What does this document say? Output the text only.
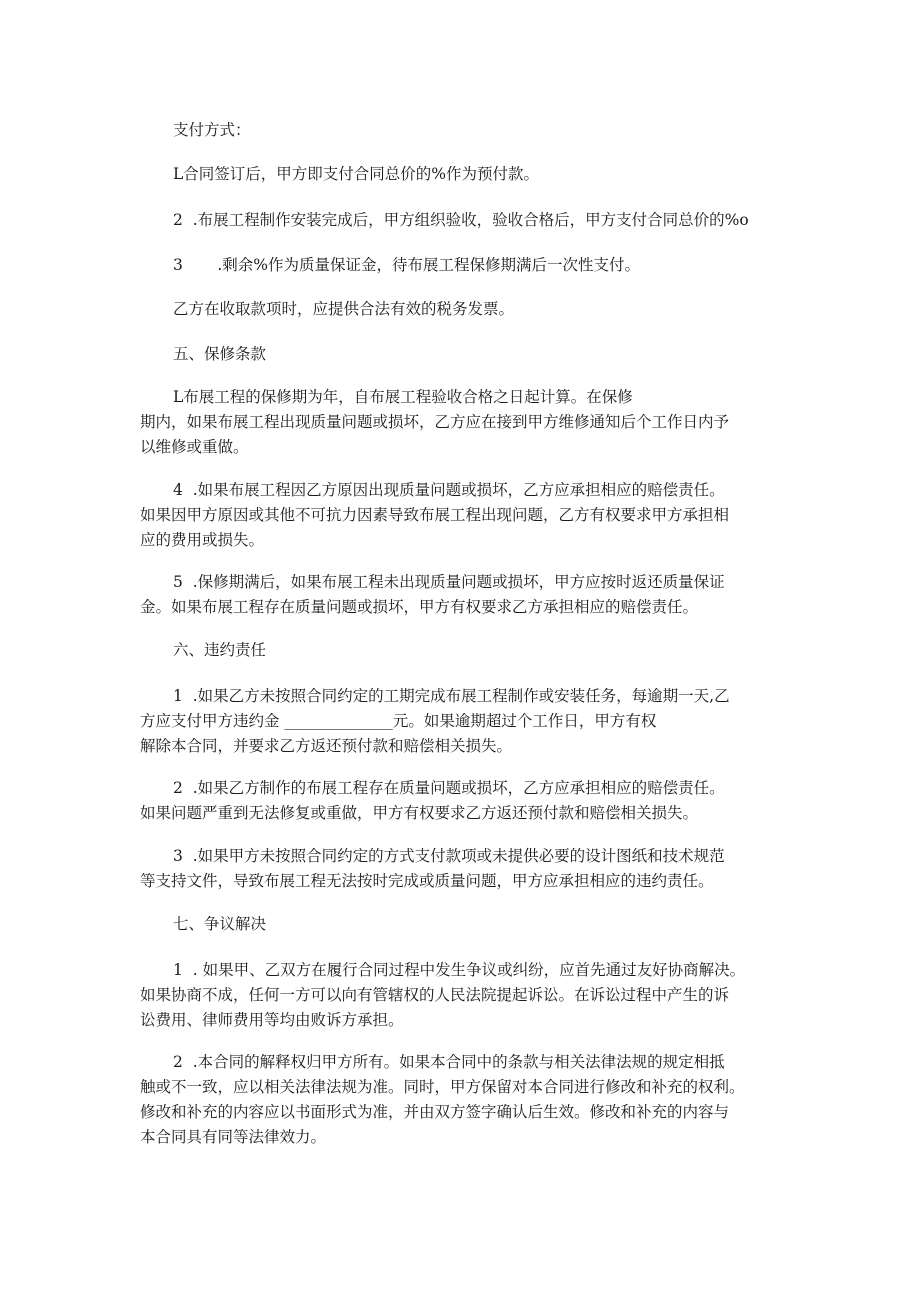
支付方式：

L合同签订后，甲方即支付合同总价的%作为预付款。

2  .布展工程制作安装完成后，甲方组织验收，验收合格后，甲方支付合同总价的%o

3       .剩余%作为质量保证金，待布展工程保修期满后一次性支付。

乙方在收取款项时，应提供合法有效的税务发票。

五、保修条款

L布展工程的保修期为年，自布展工程验收合格之日起计算。在保修
期内，如果布展工程出现质量问题或损坏，乙方应在接到甲方维修通知后个工作日内予
以维修或重做。
4  .如果布展工程因乙方原因出现质量问题或损坏，乙方应承担相应的赔偿责任。
如果因甲方原因或其他不可抗力因素导致布展工程出现问题，乙方有权要求甲方承担相
应的费用或损失。
5  .保修期满后，如果布展工程未出现质量问题或损坏，甲方应按时返还质量保证
金。如果布展工程存在质量问题或损坏，甲方有权要求乙方承担相应的赔偿责任。

六、违约责任

1  .如果乙方未按照合同约定的工期完成布展工程制作或安装任务，每逾期一天,乙
方应支付甲方违约金 ______________元。如果逾期超过个工作日，甲方有权
解除本合同，并要求乙方返还预付款和赔偿相关损失。
2  .如果乙方制作的布展工程存在质量问题或损坏，乙方应承担相应的赔偿责任。
如果问题严重到无法修复或重做，甲方有权要求乙方返还预付款和赔偿相关损失。
3  .如果甲方未按照合同约定的方式支付款项或未提供必要的设计图纸和技术规范
等支持文件，导致布展工程无法按时完成或质量问题，甲方应承担相应的违约责任。

七、争议解决

1  . 如果甲、乙双方在履行合同过程中发生争议或纠纷，应首先通过友好协商解决。
如果协商不成，任何一方可以向有管辖权的人民法院提起诉讼。在诉讼过程中产生的诉
讼费用、律师费用等均由败诉方承担。
2  .本合同的解释权归甲方所有。如果本合同中的条款与相关法律法规的规定相抵
触或不一致，应以相关法律法规为准。同时，甲方保留对本合同进行修改和补充的权利。
修改和补充的内容应以书面形式为准，并由双方签字确认后生效。修改和补充的内容与
本合同具有同等法律效力。
